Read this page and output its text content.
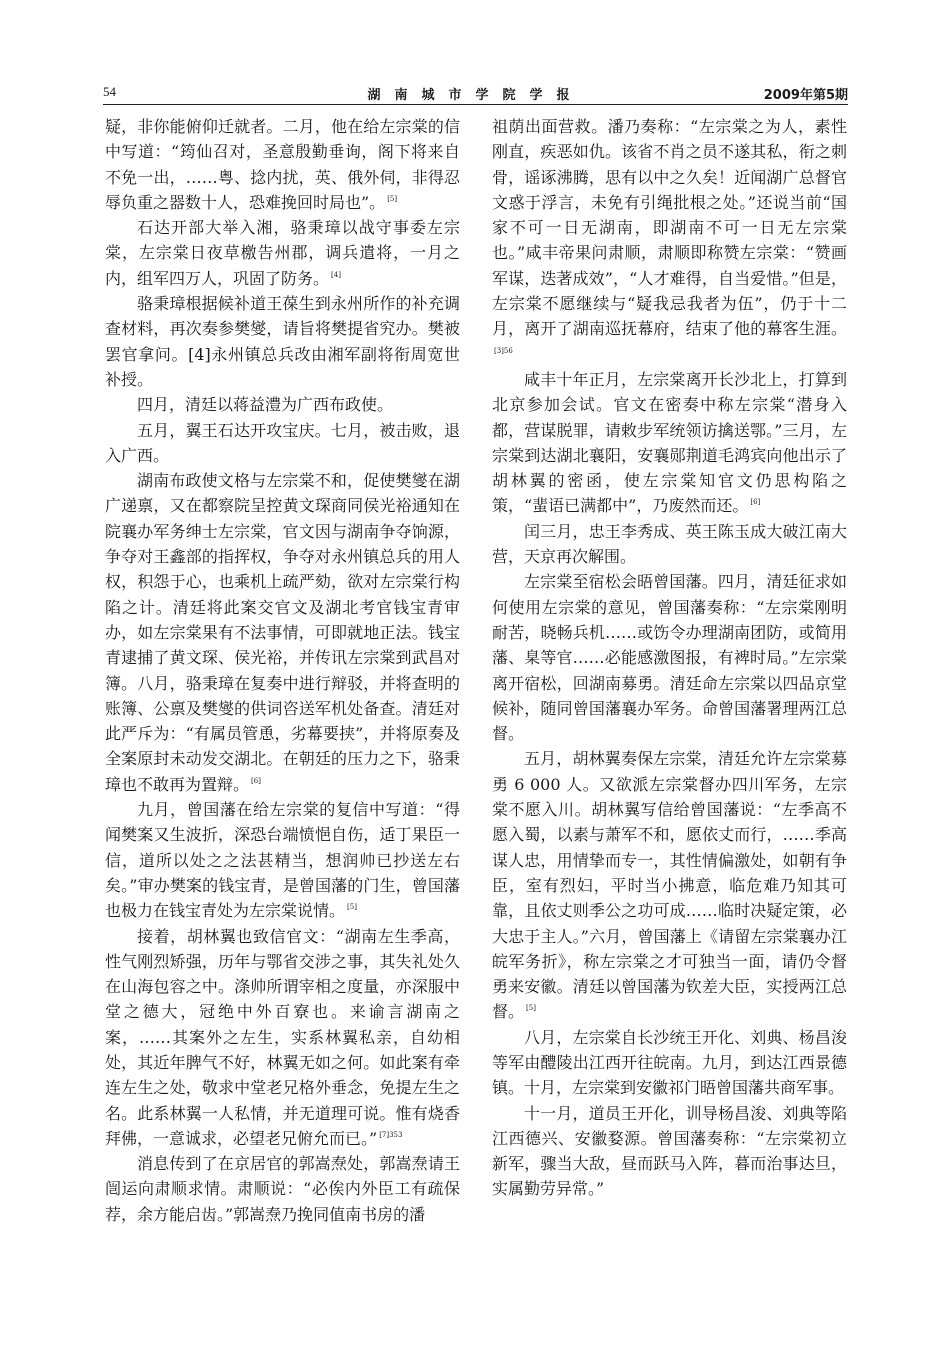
54	湖南城市学院学报	2009年第5期

疑，非你能俯仰迁就者。二月，他在给左宗棠的信中写道：“筠仙召对，圣意殷勤垂询，阁下将来自不免一出，……粤、捻内扰，英、俄外伺，非得忍辱负重之器数十人，恐难挽回时局也”。 [5]

石达开部大举入湘，骆秉璋以战守事委左宗棠，左宗棠日夜草檄告州郡，调兵遣将，一月之内，组军四万人，巩固了防务。 [4]

骆秉璋根据候补道王葆生到永州所作的补充调查材料，再次奏参樊燮，请旨将樊提省究办。樊被罢官拿问。[4]永州镇总兵改由湘军副将衔周宽世补授。

四月，清廷以蒋益澧为广西布政使。

五月，翼王石达开攻宝庆。七月，被击败，退入广西。

湖南布政使文格与左宗棠不和，促使樊燮在湖广递禀，又在都察院呈控黄文琛商同侯光裕通知在院襄办军务绅士左宗棠，官文因与湖南争夺饷源，争夺对王鑫部的指挥权，争夺对永州镇总兵的用人权，积怨于心，也乘机上疏严劾，欲对左宗棠行构陷之计。清廷将此案交官文及湖北考官钱宝青审办，如左宗棠果有不法事情，可即就地正法。钱宝青逮捕了黄文琛、侯光裕，并传讯左宗棠到武昌对簿。八月，骆秉璋在复奏中进行辩驳，并将查明的账簿、公禀及樊燮的供词咨送军机处备查。清廷对此严斥为：“有属员管恿，劣幕要挟”，并将原奏及全案原封未动发交湖北。在朝廷的压力之下，骆秉璋也不敢再为置辩。 [6]

九月，曾国藩在给左宗棠的复信中写道：“得闻樊案又生波折，深恐台端愤悒自伤，适丁果臣一信，道所以处之之法甚精当，想润帅已抄送左右矣。”审办樊案的钱宝青，是曾国藩的门生，曾国藩也极力在钱宝青处为左宗棠说情。 [5]

接着，胡林翼也致信官文：“湖南左生季高，性气刚烈矫强，历年与鄂省交涉之事，其失礼处久在山海包容之中。涤帅所谓宰相之度量，亦深服中堂之德大，冠绝中外百寮也。来谕言湖南之案，……其案外之左生，实系林翼私亲，自幼相处，其近年脾气不好，林翼无如之何。如此案有牵连左生之处，敬求中堂老兄格外垂念，免提左生之名。此系林翼一人私情，并无道理可说。惟有烧香拜佛，一意诚求，必望老兄俯允而已。” $^{[7]353}$

消息传到了在京居官的郭嵩焘处，郭嵩焘请王闿运向肃顺求情。肃顺说：“必俟内外臣工有疏保荐，余方能启齿。”郭嵩焘乃挽同值南书房的潘

祖荫出面营救。潘乃奏称：“左宗棠之为人，素性刚直，疾恶如仇。该省不肖之员不遂其私，衔之刺骨，谣诼沸腾，思有以中之久矣！近闻湖广总督官文惑于浮言，未免有引绳批根之处。”还说当前“国家不可一日无湖南，即湖南不可一日无左宗棠也。”咸丰帝果问肃顺，肃顺即称赞左宗棠：“赞画军谋，迭著成效”，“人才难得，自当爱惜。”但是，左宗棠不愿继续与“疑我忌我者为伍”，仍于十二月，离开了湖南巡抚幕府，结束了他的幕客生涯。$^{[3]56}$

咸丰十年正月，左宗棠离开长沙北上，打算到北京参加会试。官文在密奏中称左宗棠“潜身入都，营谋脱罪，请敕步军统领访擒送鄂。”三月，左宗棠到达湖北襄阳，安襄郧荆道毛鸿宾向他出示了胡林翼的密函，使左宗棠知官文仍思构陷之策，“蜚语已满都中”，乃废然而还。 [6]

闰三月，忠王李秀成、英王陈玉成大破江南大营，天京再次解围。

左宗棠至宿松会晤曾国藩。四月，清廷征求如何使用左宗棠的意见，曾国藩奏称：“左宗棠刚明耐苦，晓畅兵机……或饬令办理湖南团防，或简用藩、臬等官……必能感激图报，有裨时局。”左宗棠离开宿松，回湖南募勇。清廷命左宗棠以四品京堂候补，随同曾国藩襄办军务。命曾国藩署理两江总督。

五月，胡林翼奏保左宗棠，清廷允许左宗棠募勇 6 000 人。又欲派左宗棠督办四川军务，左宗棠不愿入川。胡林翼写信给曾国藩说：“左季高不愿入蜀，以素与萧军不和，愿依丈而行，……季高谋人忠，用情挚而专一，其性情偏激处，如朝有争臣，室有烈妇，平时当小拂意，临危难乃知其可靠，且依丈则季公之功可成……临时决疑定策，必大忠于主人。”六月，曾国藩上《请留左宗棠襄办江皖军务折》，称左宗棠之才可独当一面，请仍令督勇来安徽。清廷以曾国藩为钦差大臣，实授两江总督。 [5]

八月，左宗棠自长沙统王开化、刘典、杨昌浚等军由醴陵出江西开往皖南。九月，到达江西景德镇。十月，左宗棠到安徽祁门晤曾国藩共商军事。

十一月，道员王开化，训导杨昌浚、刘典等陷江西德兴、安徽婺源。曾国藩奏称：“左宗棠初立新军，骤当大敌，昼而跃马入阵，暮而治事达旦，实属勤劳异常。”
